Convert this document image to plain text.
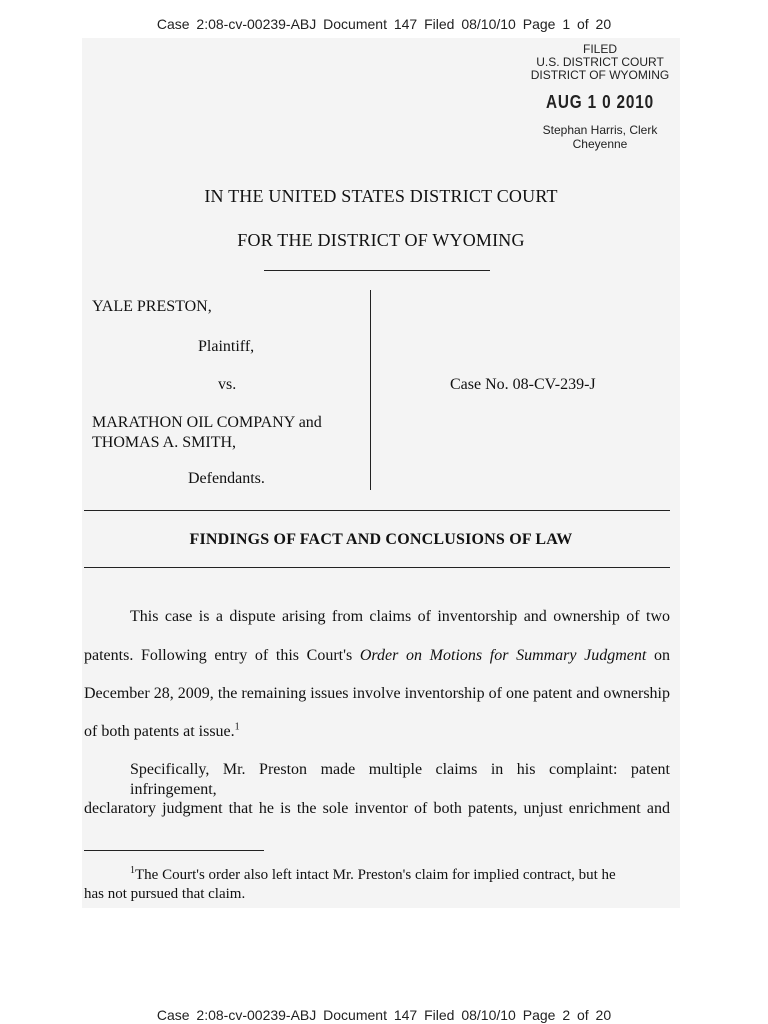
Case 2:08-cv-00239-ABJ Document 147 Filed 08/10/10 Page 1 of 20
FILED
U.S. DISTRICT COURT
DISTRICT OF WYOMING
AUG 1 0 2010
Stephan Harris, Clerk
Cheyenne
IN THE UNITED STATES DISTRICT COURT
FOR THE DISTRICT OF WYOMING
YALE PRESTON,
Plaintiff,
vs.
MARATHON OIL COMPANY and
THOMAS A. SMITH,
Defendants.
Case No. 08-CV-239-J
FINDINGS OF FACT AND CONCLUSIONS OF LAW
This case is a dispute arising from claims of inventorship and ownership of two
patents. Following entry of this Court's Order on Motions for Summary Judgment on
December 28, 2009, the remaining issues involve inventorship of one patent and ownership
of both patents at issue.$^1$
Specifically, Mr. Preston made multiple claims in his complaint: patent infringement,
declaratory judgment that he is the sole inventor of both patents, unjust enrichment and
$^1$The Court's order also left intact Mr. Preston's claim for implied contract, but he
has not pursued that claim.
Case 2:08-cv-00239-ABJ Document 147 Filed 08/10/10 Page 2 of 20
